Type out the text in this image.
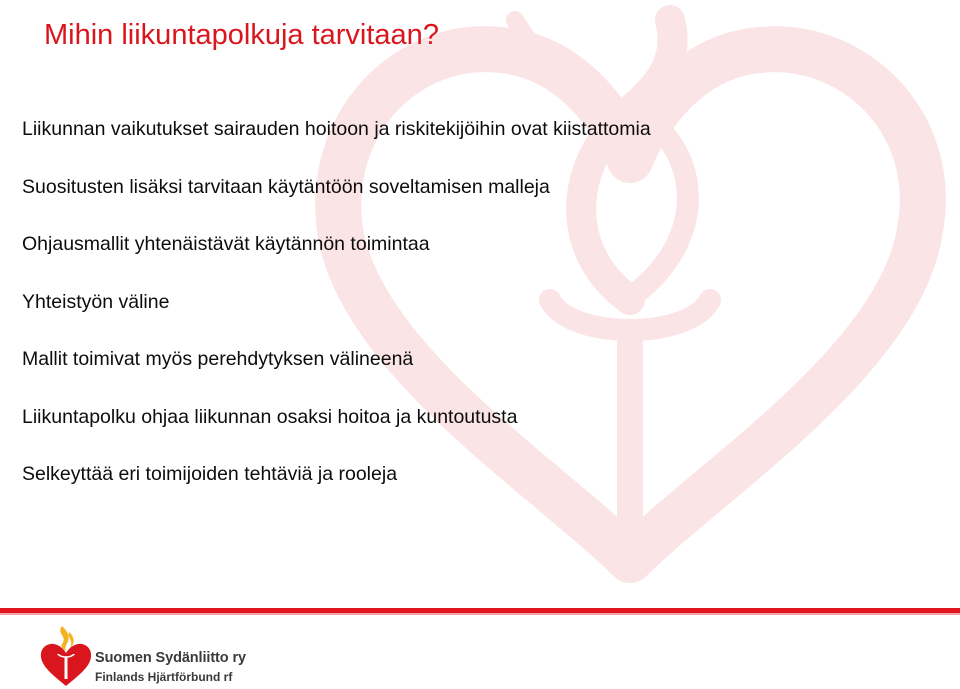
Mihin liikuntapolkuja tarvitaan?
Liikunnan vaikutukset sairauden hoitoon ja riskitekijöihin ovat kiistattomia
Suositusten lisäksi tarvitaan käytäntöön soveltamisen malleja
Ohjausmallit yhtenäistävät käytännön toimintaa
Yhteistyön väline
Mallit toimivat myös perehdytyksen välineenä
Liikuntapolku ohjaa liikunnan osaksi hoitoa ja kuntoutusta
Selkeyttää eri toimijoiden tehtäviä ja rooleja
Suomen Sydänliitto ry
Finlands Hjärtförbund rf
